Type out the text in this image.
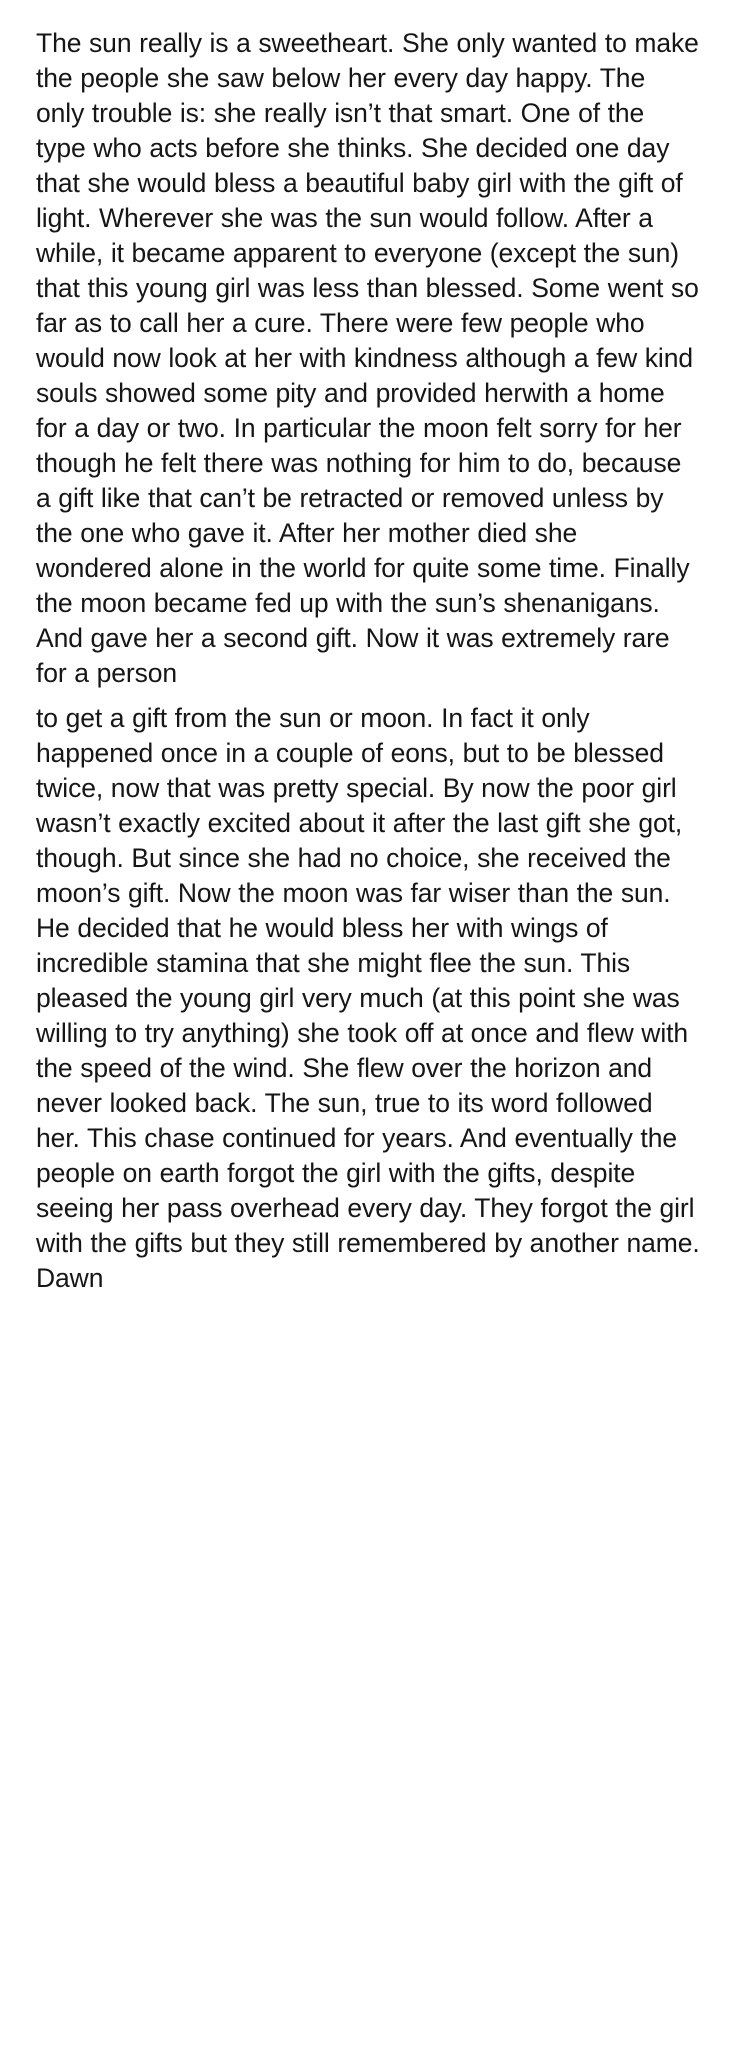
The sun really is a sweetheart. She only wanted to make the people she saw below her every day happy. The only trouble is: she really isn’t that smart. One of the type who acts before she thinks. She decided one day that she would bless a beautiful baby girl with the gift of light. Wherever she was the sun would follow. After a while, it became apparent to everyone (except the sun) that this young girl was less than blessed. Some went so far as to call her a cure. There were few people who would now look at her with kindness although a few kind souls showed some pity and provided herwith a home for a day or two. In particular the moon felt sorry for her though he felt there was nothing for him to do, because a gift like that can’t be retracted or removed unless by the one who gave it. After her mother died she wondered alone in the world for quite some time. Finally the moon became fed up with the sun’s shenanigans. And gave her a second gift. Now it was extremely rare for a person

to get a gift from the sun or moon. In fact it only happened once in a couple of eons, but to be blessed twice, now that was pretty special. By now the poor girl wasn’t exactly excited about it after the last gift she got, though. But since she had no choice, she received the moon’s gift. Now the moon was far wiser than the sun. He decided that he would bless her with wings of incredible stamina that she might flee the sun. This pleased the young girl very much (at this point she was willing to try anything) she took off at once and flew with the speed of the wind. She flew over the horizon and never looked back. The sun, true to its word followed her. This chase continued for years. And eventually the people on earth forgot the girl with the gifts, despite seeing her pass overhead every day. They forgot the girl with the gifts but they still remembered by another name. Dawn
